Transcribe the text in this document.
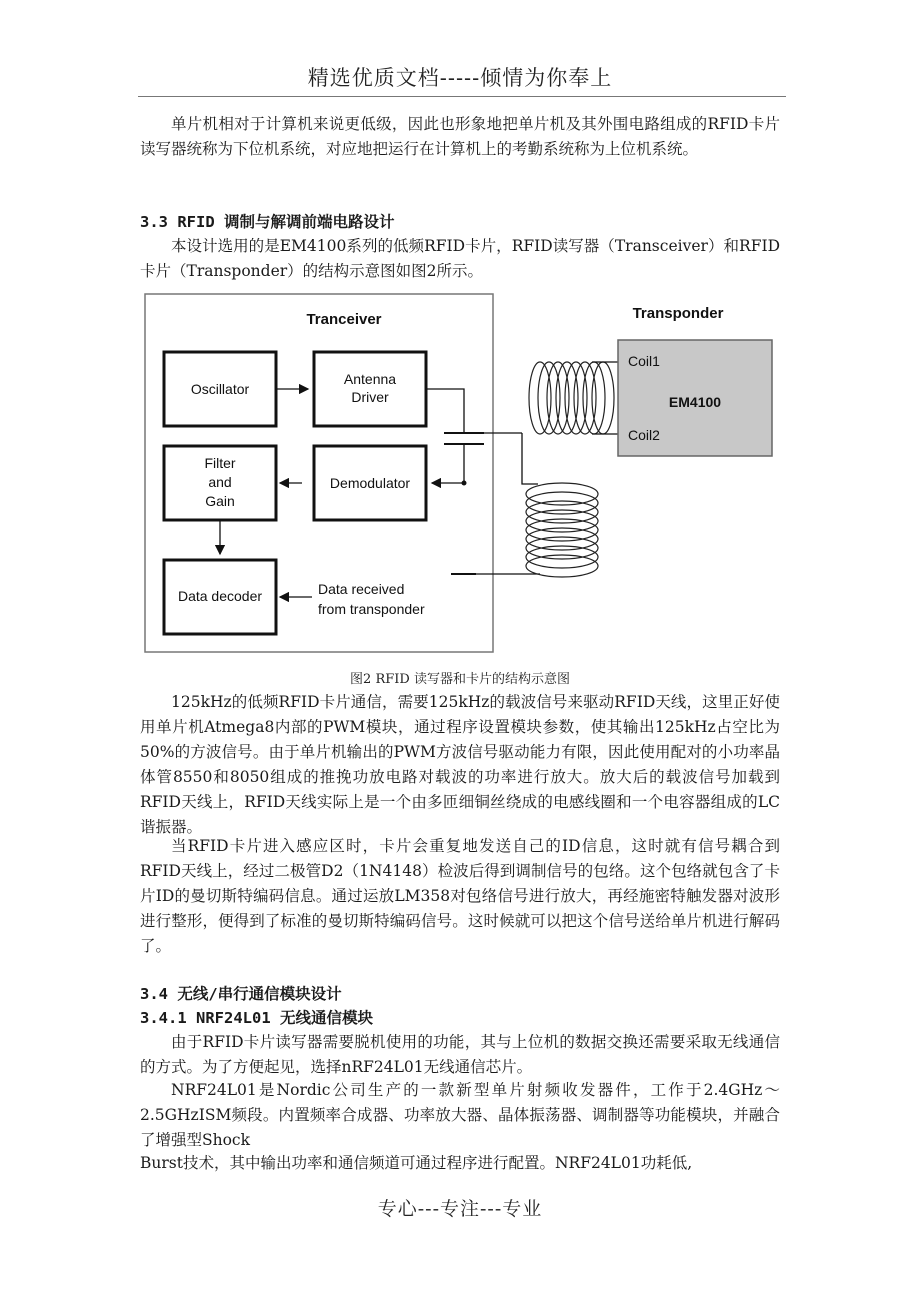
精选优质文档-----倾情为你奉上
单片机相对于计算机来说更低级，因此也形象地把单片机及其外围电路组成的RFID卡片读写器统称为下位机系统，对应地把运行在计算机上的考勤系统称为上位机系统。
3.3 RFID 调制与解调前端电路设计
本设计选用的是EM4100系列的低频RFID卡片，RFID读写器（Transceiver）和RFID卡片（Transponder）的结构示意图如图2所示。
Tranceiver
Oscillator
Antenna
Driver
Filter
and
Gain
Demodulator
Data decoder	Data received
from transponder
Transponder
Coil1
Coil2
EM4100
图2 RFID 读写器和卡片的结构示意图
125kHz的低频RFID卡片通信，需要125kHz的载波信号来驱动RFID天线，这里正好使用单片机Atmega8内部的PWM模块，通过程序设置模块参数，使其输出125kHz占空比为50%的方波信号。由于单片机输出的PWM方波信号驱动能力有限，因此使用配对的小功率晶体管8550和8050组成的推挽功放电路对载波的功率进行放大。放大后的载波信号加载到RFID天线上，RFID天线实际上是一个由多匝细铜丝绕成的电感线圈和一个电容器组成的LC谐振器。
当RFID卡片进入感应区时，卡片会重复地发送自己的ID信息，这时就有信号耦合到RFID天线上，经过二极管D2（1N4148）检波后得到调制信号的包络。这个包络就包含了卡片ID的曼切斯特编码信息。通过运放LM358对包络信号进行放大，再经施密特触发器对波形进行整形，便得到了标准的曼切斯特编码信号。这时候就可以把这个信号送给单片机进行解码了。
3.4 无线/串行通信模块设计
3.4.1 NRF24L01 无线通信模块
由于RFID卡片读写器需要脱机使用的功能，其与上位机的数据交换还需要采取无线通信的方式。为了方便起见，选择nRF24L01无线通信芯片。
NRF24L01是Nordic公司生产的一款新型单片射频收发器件，工作于2.4GHz～2.5GHzISM频段。内置频率合成器、功率放大器、晶体振荡器、调制器等功能模块，并融合了增强型Shock
Burst技术，其中输出功率和通信频道可通过程序进行配置。NRF24L01功耗低,
专心---专注---专业
